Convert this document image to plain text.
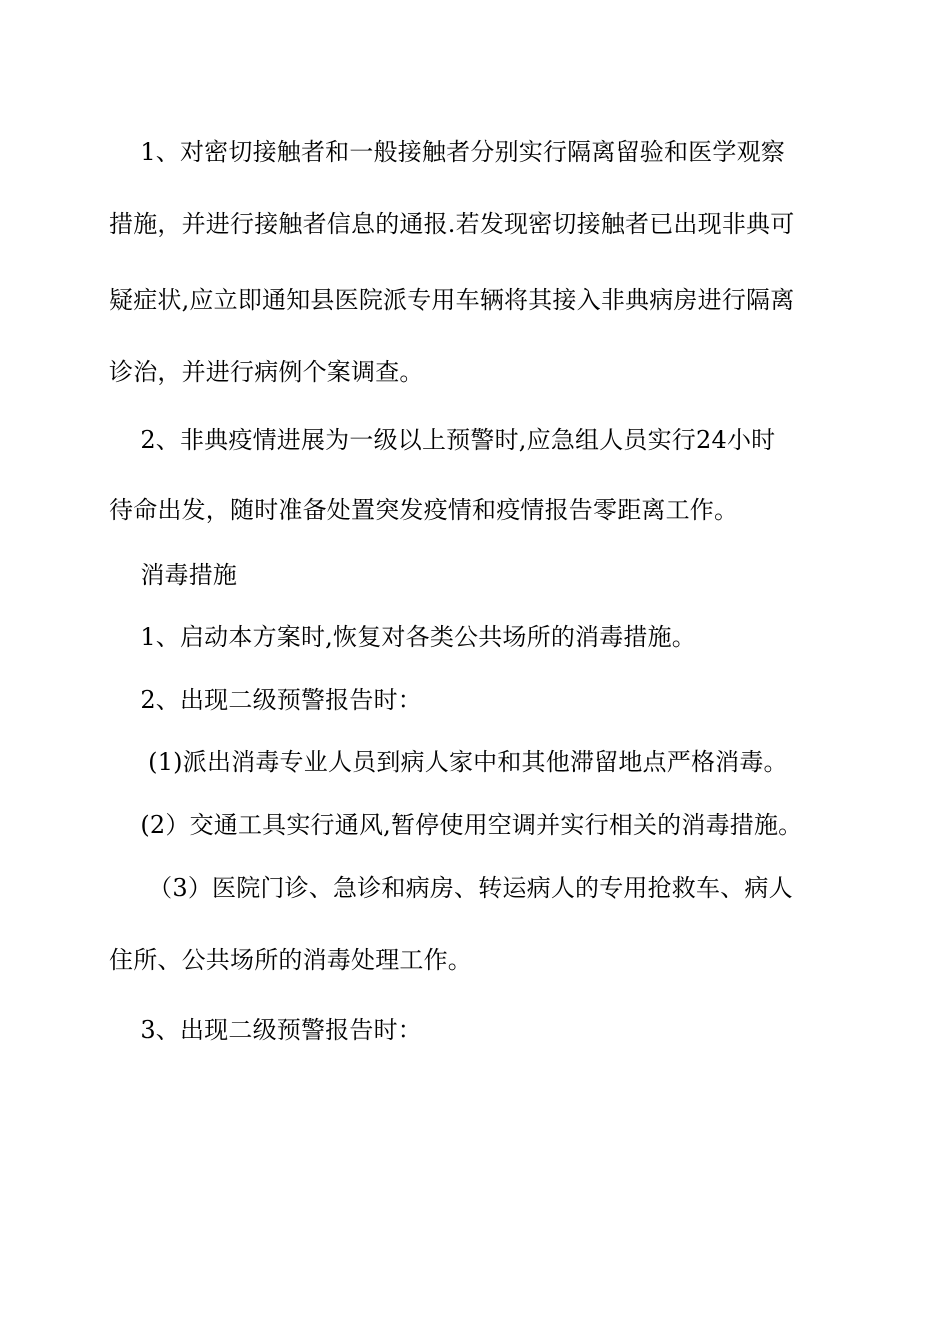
1、对密切接触者和一般接触者分别实行隔离留验和医学观察
措施，并进行接触者信息的通报.若发现密切接触者已出现非典可
疑症状,应立即通知县医院派专用车辆将其接入非典病房进行隔离
诊治，并进行病例个案调查。
2、非典疫情进展为一级以上预警时,应急组人员实行24小时
待命出发，随时准备处置突发疫情和疫情报告零距离工作。
消毒措施
1、启动本方案时,恢复对各类公共场所的消毒措施。
2、出现二级预警报告时：
(1)派出消毒专业人员到病人家中和其他滞留地点严格消毒。
(2）交通工具实行通风,暂停使用空调并实行相关的消毒措施。
（3）医院门诊、急诊和病房、转运病人的专用抢救车、病人
住所、公共场所的消毒处理工作。
3、出现二级预警报告时：
